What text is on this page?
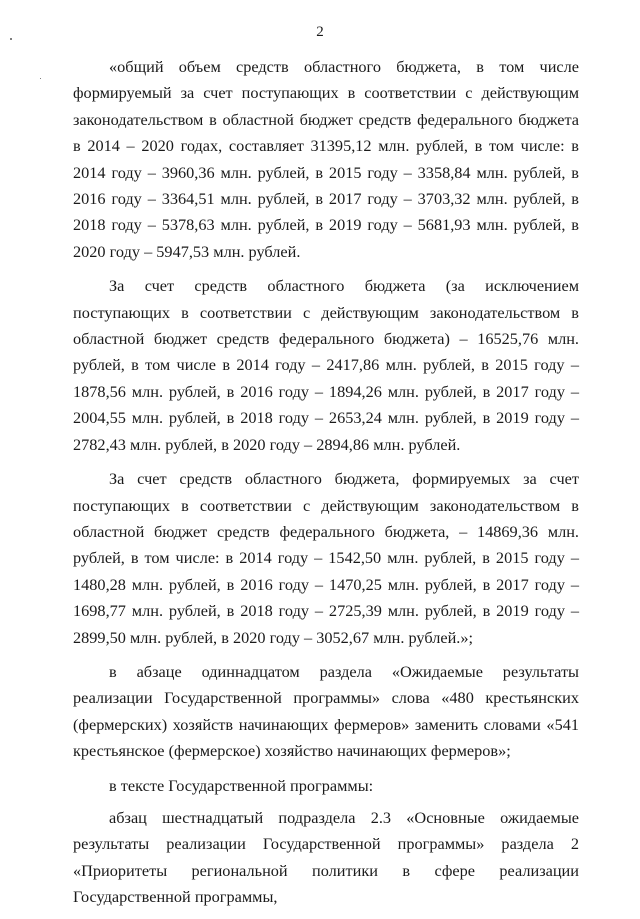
2

«общий объем средств областного бюджета, в том числе формируемый за счет поступающих в соответствии с действующим законодательством в областной бюджет средств федерального бюджета в 2014 – 2020 годах, составляет 31395,12 млн. рублей, в том числе: в 2014 году – 3960,36 млн. рублей, в 2015 году – 3358,84 млн. рублей, в 2016 году – 3364,51 млн. рублей, в 2017 году – 3703,32 млн. рублей, в 2018 году – 5378,63 млн. рублей, в 2019 году – 5681,93 млн. рублей, в 2020 году – 5947,53 млн. рублей.

За счет средств областного бюджета (за исключением поступающих в соответствии с действующим законодательством в областной бюджет средств федерального бюджета) – 16525,76 млн. рублей, в том числе в 2014 году – 2417,86 млн. рублей, в 2015 году – 1878,56 млн. рублей, в 2016 году – 1894,26 млн. рублей, в 2017 году – 2004,55 млн. рублей, в 2018 году – 2653,24 млн. рублей, в 2019 году – 2782,43 млн. рублей, в 2020 году – 2894,86 млн. рублей.

За счет средств областного бюджета, формируемых за счет поступающих в соответствии с действующим законодательством в областной бюджет средств федерального бюджета, – 14869,36 млн. рублей, в том числе: в 2014 году – 1542,50 млн. рублей, в 2015 году – 1480,28 млн. рублей, в 2016 году – 1470,25 млн. рублей, в 2017 году – 1698,77 млн. рублей, в 2018 году – 2725,39 млн. рублей, в 2019 году – 2899,50 млн. рублей, в 2020 году – 3052,67 млн. рублей.»;

в абзаце одиннадцатом раздела «Ожидаемые результаты реализации Государственной программы» слова «480 крестьянских (фермерских) хозяйств начинающих фермеров» заменить словами «541 крестьянское (фермерское) хозяйство начинающих фермеров»;

в тексте Государственной программы:

абзац шестнадцатый подраздела 2.3 «Основные ожидаемые результаты реализации Государственной программы» раздела 2 «Приоритеты региональной политики в сфере реализации Государственной программы,
